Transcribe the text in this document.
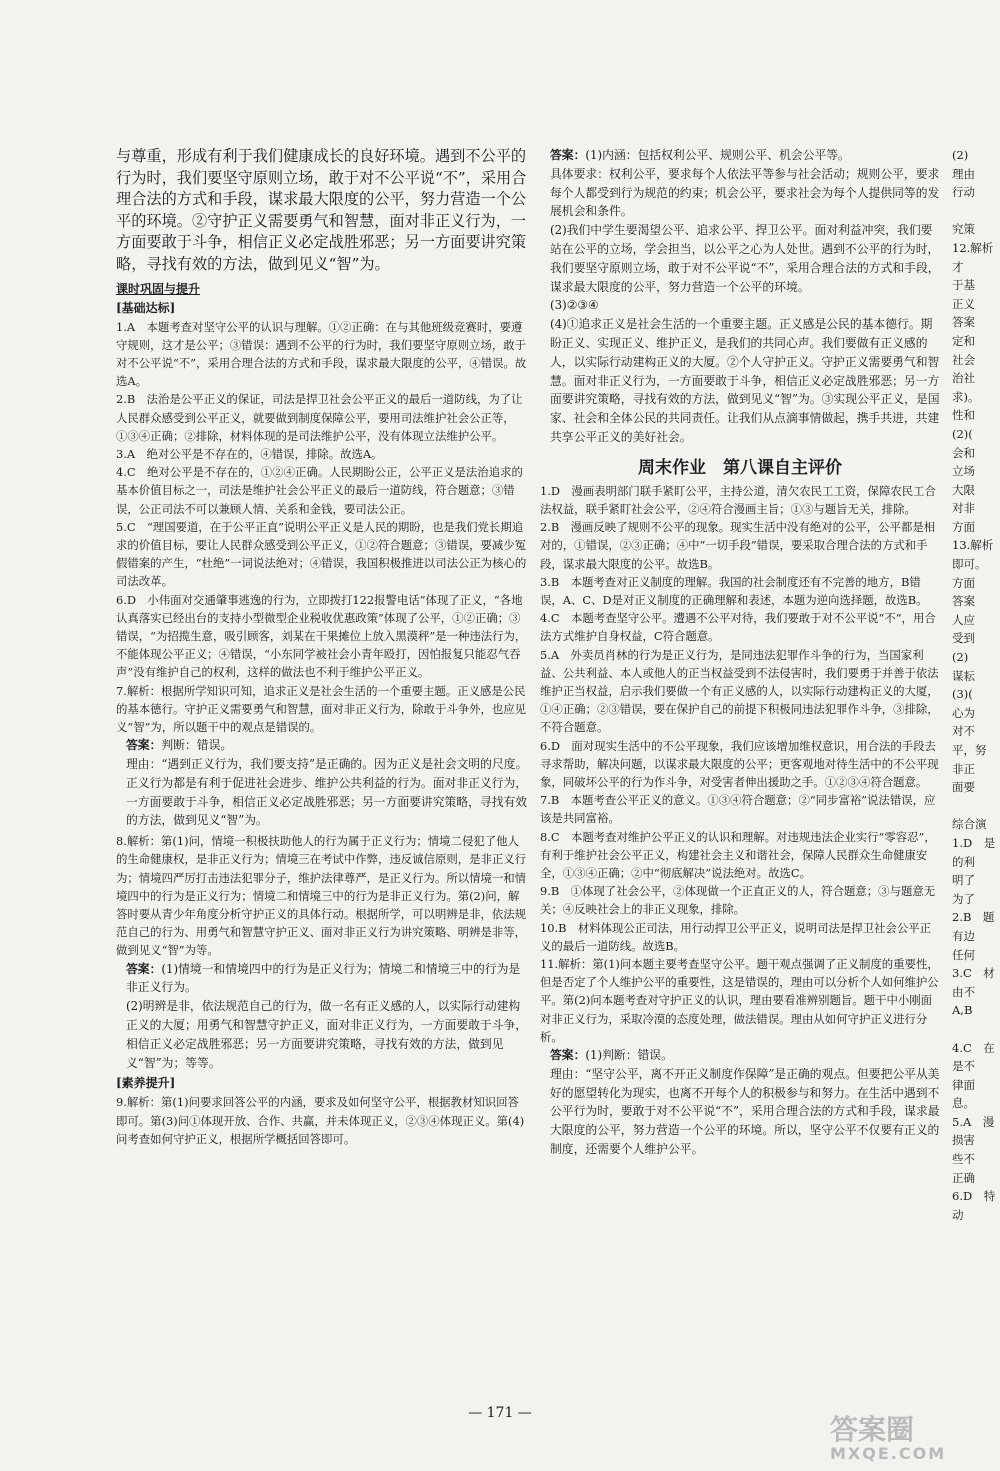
与尊重，形成有利于我们健康成长的良好环境。遇到不公平的行为时，我们要坚守原则立场，敢于对不公平说“不”，采用合理合法的方式和手段，谋求最大限度的公平，努力营造一个公平的环境。②守护正义需要勇气和智慧，面对非正义行为，一方面要敢于斗争，相信正义必定战胜邪恶；另一方面要讲究策略，寻找有效的方法，做到见义“智”为。

课时巩固与提升
[基础达标]

1.A　本题考查对坚守公平的认识与理解。①②正确：在与其他班级竞赛时，要遵守规则，这才是公平；③错误：遇到不公平的行为时，我们要坚守原则立场，敢于对不公平说“不”，采用合理合法的方式和手段，谋求最大限度的公平，④错误。故选A。

2.B　法治是公平正义的保证，司法是捍卫社会公平正义的最后一道防线，为了让人民群众感受到公平正义，就要做到制度保障公平，要用司法维护社会公正等，①③④正确；②排除，材料体现的是司法维护公平，没有体现立法维护公平。

3.A　绝对公平是不存在的，④错误，排除。故选A。

4.C　绝对公平是不存在的，①②④正确。人民期盼公正，公平正义是法治追求的基本价值目标之一，司法是维护社会公平正义的最后一道防线，符合题意；③错误，公正司法不可以兼顾人情、关系和金钱，要司法公正。

5.C　“理国要道，在于公平正直”说明公平正义是人民的期盼，也是我们党长期追求的价值目标，要让人民群众感受到公平正义，①②符合题意；③错误，要减少冤假错案的产生，“杜绝”一词说法绝对；④错误，我国积极推进以司法公正为核心的司法改革。

6.D　小伟面对交通肇事逃逸的行为，立即拨打122报警电话”体现了正义，“各地认真落实已经出台的支持小型微型企业税收优惠政策”体现了公平，①②正确；③错误，“为招揽生意，吸引顾客，刘某在干果摊位上放入黑漠秤”是一种违法行为，不能体现公平正义；④错误，“小东同学被社会小青年殴打，因怕报复只能忍气吞声”没有维护自己的权利，这样的做法也不利于维护公平正义。

7.解析：根据所学知识可知，追求正义是社会生活的一个重要主题。正义感是公民的基本德行。守护正义需要勇气和智慧，面对非正义行为，除敢于斗争外，也应见义“智”为，所以题干中的观点是错误的。

答案：判断：错误。

理由：“遇到正义行为，我们要支持”是正确的。因为正义是社会文明的尺度。正义行为都是有利于促进社会进步、维护公共利益的行为。面对非正义行为，一方面要敢于斗争，相信正义必定战胜邪恶；另一方面要讲究策略，寻找有效的方法，做到见义“智”为。

8.解析：第(1)问，情境一积极扶助他人的行为属于正义行为；情境二侵犯了他人的生命健康权，是非正义行为；情境三在考试中作弊，违反诚信原则，是非正义行为；情境四严厉打击违法犯罪分子，维护法律尊严，是正义行为。所以情境一和情境四中的行为是正义行为；情境二和情境三中的行为是非正义行为。第(2)问，解答时要从青少年角度分析守护正义的具体行动。根据所学，可以明辨是非，依法规范自己的行为、用勇气和智慧守护正义、面对非正义行为讲究策略、明辨是非等，做到见义“智”为等。

答案：(1)情境一和情境四中的行为是正义行为；情境二和情境三中的行为是非正义行为。

(2)明辨是非，依法规范自己的行为，做一名有正义感的人，以实际行动建构正义的大厦；用勇气和智慧守护正义，面对非正义行为，一方面要敢于斗争，相信正义必定战胜邪恶；另一方面要讲究策略，寻找有效的方法，做到见义“智”为；等等。

[素养提升]

9.解析：第(1)问要求回答公平的内涵，要求及如何坚守公平，根据教材知识回答即可。第(3)问①体现开放、合作、共赢，并未体现正义，②③④体现正义。第(4)问考查如何守护正义，根据所学概括回答即可。

答案：(1)内涵：包括权利公平、规则公平、机会公平等。

具体要求：权利公平，要求每个人依法平等参与社会活动；规则公平，要求每个人都受到行为规范的约束；机会公平，要求社会为每个人提供同等的发展机会和条件。

(2)我们中学生要渴望公平、追求公平、捍卫公平。面对利益冲突，我们要站在公平的立场，学会担当，以公平之心为人处世。遇到不公平的行为时，我们要坚守原则立场，敢于对不公平说“不”，采用合理合法的方式和手段，谋求最大限度的公平，努力营造一个公平的环境。

(3)②③④

(4)①追求正义是社会生活的一个重要主题。正义感是公民的基本德行。期盼正义、实现正义、维护正义，是我们的共同心声。我们要做有正义感的人，以实际行动建构正义的大厦。②个人守护正义。守护正义需要勇气和智慧。面对非正义行为，一方面要敢于斗争，相信正义必定战胜邪恶；另一方面要讲究策略，寻找有效的方法，做到见义“智”为。③实现公平正义，是国家、社会和全体公民的共同责任。让我们从点滴事情做起，携手共进，共建共享公平正义的美好社会。

周末作业　第八课自主评价

1.D　漫画表明部门联手紧盯公平，主持公道，清欠农民工工资，保障农民工合法权益，联手紧盯社会公平，②④符合漫画主旨；①③与题旨无关，排除。

2.B　漫画反映了规则不公平的现象。现实生活中没有绝对的公平，公平都是相对的，①错误，②③正确；④中“一切手段”错误，要采取合理合法的方式和手段，谋求最大限度的公平。故选B。

3.B　本题考查对正义制度的理解。我国的社会制度还有不完善的地方，B错误，A、C、D是对正义制度的正确理解和表述，本题为逆向选择题，故选B。

4.C　本题考查坚守公平。遭遇不公平对待，我们要敢于对不公平说“不”，用合法方式维护自身权益，C符合题意。

5.A　外卖员肖林的行为是正义行为，是同违法犯罪作斗争的行为，当国家利益、公共利益、本人或他人的正当权益受到不法侵害时，我们要勇于并善于依法维护正当权益，启示我们要做一个有正义感的人，以实际行动建构正义的大厦，①④正确；②③错误，要在保护自己的前提下积极同违法犯罪作斗争，③排除，不符合题意。

6.D　面对现实生活中的不公平现象，我们应该增加维权意识，用合法的手段去寻求帮助，解决问题，以谋求最大限度的公平；更客观地对待生活中的不公平现象，同破坏公平的行为作斗争，对受害者伸出援助之手。①②③④符合题意。

7.B　本题考查公平正义的意义。①③④符合题意；②“同步富裕”说法错误，应该是共同富裕。

8.C　本题考查对维护公平正义的认识和理解。对违规违法企业实行“零容忍”，有利于维护社会公平正义，构建社会主义和谐社会，保障人民群众生命健康安全，①③④正确；②中“彻底解决”说法绝对。故选C。

9.B　①体现了社会公平，②体现做一个正直正义的人，符合题意；③与题意无关；④反映社会上的非正义现象，排除。

10.B　材料体现公正司法，用行动捍卫公平正义，说明司法是捍卫社会公平正义的最后一道防线。故选B。

11.解析：第(1)问本题主要考查坚守公平。题干观点强调了正义制度的重要性，但是否定了个人维护公平的重要性，这是错误的，理由可以分析个人如何维护公平。第(2)问本题考查对守护正义的认识，理由要看准辨别题旨。题干中小刚面对非正义行为，采取冷漠的态度处理，做法错误。理由从如何守护正义进行分析。

答案：(1)判断：错误。

理由：“坚守公平，离不开正义制度作保障”是正确的观点。但要把公平从美好的愿望转化为现实，也离不开每个人的积极参与和努力。在生活中遇到不公平行为时，要敢于对不公平说“不”，采用合理合法的方式和手段，谋求最大限度的公平，努力营造一个公平的环境。所以，坚守公平不仅要有正义的制度，还需要个人维护公平。

(2)

理由

行动

究策

12.解析

才

于基

正义

答案

定和

社会

治社

求)。

性和

(2)(

会和

立场

大限

对非

方面

13.解析

即可。

方面

答案

人应

受到

(2)

谋耘

(3)(

心为

对不

平，努

非正

面要

综合演

1.D　是

的利

明了

为了

2.B　题

有边

任何

3.C　材

由不

A,B

4.C　在

是不

律面

息。

5.A　漫

损害

些不

正确

6.D　特

动

— 171 —	答案圈
MXQE.COM
